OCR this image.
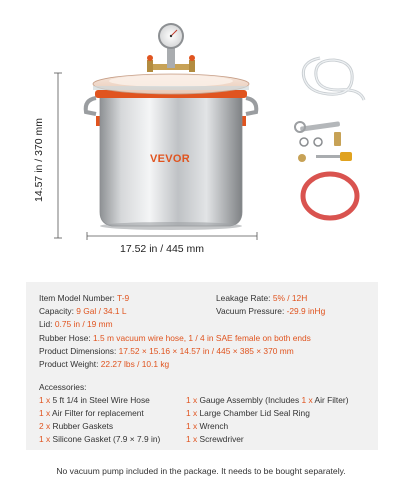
VEVOR
17.52 in / 445 mm
14.57 in / 370 mm
Item Model Number: T-9	Leakage Rate: 5% / 12H
Capacity: 9 Gal / 34.1 L	Vacuum Pressure: -29.9 inHg
Lid: 0.75 in / 19 mm
Rubber Hose: 1.5 m vacuum wire hose, 1 / 4 in SAE female on both ends
Product Dimensions: 17.52 × 15.16 × 14.57 in / 445 × 385 × 370 mm
Product Weight: 22.27 lbs / 10.1 kg
Accessories:
1 x 5 ft 1/4 in Steel Wire Hose
1 x Air Filter for replacement
2 x Rubber Gaskets
1 x Silicone Gasket (7.9 × 7.9 in)
1 x Gauge Assembly (Includes 1 x Air Filter)
1 x Large Chamber Lid Seal Ring
1 x Wrench
1 x Screwdriver
No vacuum pump included in the package. It needs to be bought separately.
